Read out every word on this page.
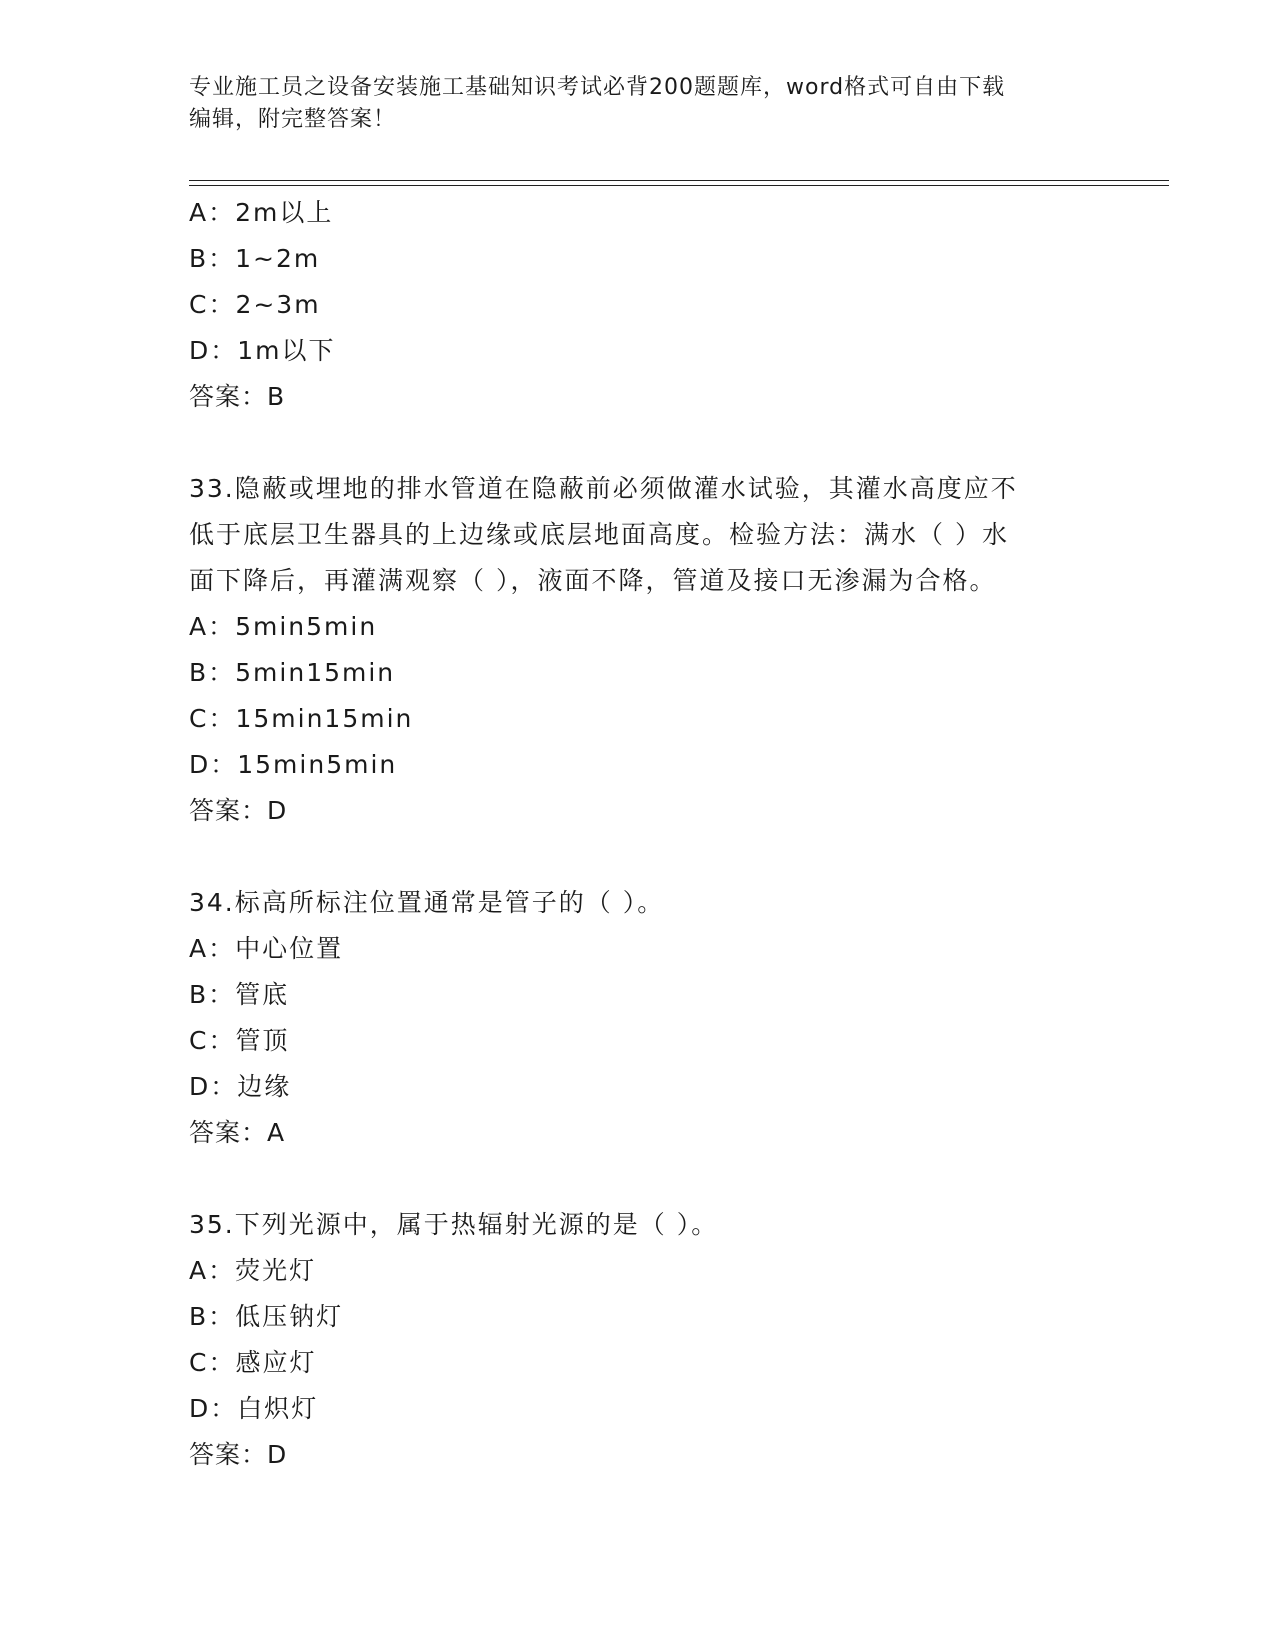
专业施工员之设备安装施工基础知识考试必背200题题库，word格式可自由下载
编辑，附完整答案！
A：2m以上
B：1~2m
C：2~3m
D：1m以下
答案：B
33.隐蔽或埋地的排水管道在隐蔽前必须做灌水试验，其灌水高度应不
低于底层卫生器具的上边缘或底层地面高度。检验方法：满水（ ）水
面下降后，再灌满观察（ ），液面不降，管道及接口无渗漏为合格。
A：5min5min
B：5min15min
C：15min15min
D：15min5min
答案：D
34.标高所标注位置通常是管子的（ ）。
A：中心位置
B：管底
C：管顶
D：边缘
答案：A
35.下列光源中，属于热辐射光源的是（ ）。
A：荧光灯
B：低压钠灯
C：感应灯
D：白炽灯
答案：D
